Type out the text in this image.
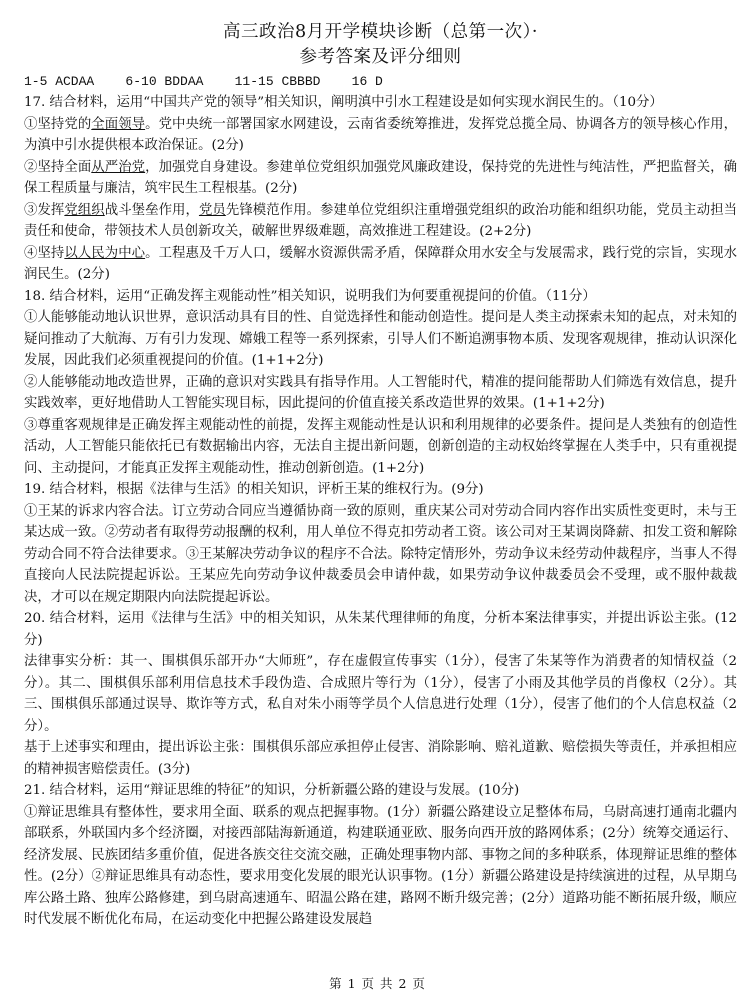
高三政治8月开学模块诊断（总第一次）·
参考答案及评分细则

1-5 ACDAA    6-10 BDDAA    11-15 CBBBD    16 D

17. 结合材料，运用“中国共产党的领导”相关知识，阐明滇中引水工程建设是如何实现水润民生的。（10分）

①坚持党的全面领导。党中央统一部署国家水网建设，云南省委统筹推进，发挥党总揽全局、协调各方的领导核心作用，为滇中引水提供根本政治保证。(2分)

②坚持全面从严治党，加强党自身建设。参建单位党组织加强党风廉政建设，保持党的先进性与纯洁性，严把监督关，确保工程质量与廉洁，筑牢民生工程根基。(2分)

③发挥党组织战斗堡垒作用，党员先锋模范作用。参建单位党组织注重增强党组织的政治功能和组织功能，党员主动担当责任和使命，带领技术人员创新攻关，破解世界级难题，高效推进工程建设。(2+2分)

④坚持以人民为中心。工程惠及千万人口，缓解水资源供需矛盾，保障群众用水安全与发展需求，践行党的宗旨，实现水润民生。(2分)

18. 结合材料，运用“正确发挥主观能动性”相关知识，说明我们为何要重视提问的价值。（11分）

①人能够能动地认识世界，意识活动具有目的性、自觉选择性和能动创造性。提问是人类主动探索未知的起点，对未知的疑问推动了大航海、万有引力发现、嫦娥工程等一系列探索，引导人们不断追溯事物本质、发现客观规律，推动认识深化发展，因此我们必须重视提问的价值。(1+1+2分)

②人能够能动地改造世界，正确的意识对实践具有指导作用。人工智能时代，精准的提问能帮助人们筛选有效信息，提升实践效率，更好地借助人工智能实现目标，因此提问的价值直接关系改造世界的效果。(1+1+2分)

③尊重客观规律是正确发挥主观能动性的前提，发挥主观能动性是认识和利用规律的必要条件。提问是人类独有的创造性活动，人工智能只能依托已有数据输出内容，无法自主提出新问题，创新创造的主动权始终掌握在人类手中，只有重视提问、主动提问，才能真正发挥主观能动性，推动创新创造。(1+2分)

19. 结合材料，根据《法律与生活》的相关知识，评析王某的维权行为。(9分)

①王某的诉求内容合法。订立劳动合同应当遵循协商一致的原则，重庆某公司对劳动合同内容作出实质性变更时，未与王某达成一致。②劳动者有取得劳动报酬的权利，用人单位不得克扣劳动者工资。该公司对王某调岗降薪、扣发工资和解除劳动合同不符合法律要求。③王某解决劳动争议的程序不合法。除特定情形外，劳动争议未经劳动仲裁程序，当事人不得直接向人民法院提起诉讼。王某应先向劳动争议仲裁委员会申请仲裁，如果劳动争议仲裁委员会不受理，或不服仲裁裁决，才可以在规定期限内向法院提起诉讼。

20. 结合材料，运用《法律与生活》中的相关知识，从朱某代理律师的角度，分析本案法律事实，并提出诉讼主张。(12分)

法律事实分析：其一、围棋俱乐部开办“大师班”，存在虚假宣传事实（1分），侵害了朱某等作为消费者的知情权益（2分）。其二、围棋俱乐部利用信息技术手段伪造、合成照片等行为（1分），侵害了小雨及其他学员的肖像权（2分）。其三、围棋俱乐部通过误导、欺诈等方式，私自对朱小雨等学员个人信息进行处理（1分），侵害了他们的个人信息权益（2分）。

基于上述事实和理由，提出诉讼主张：围棋俱乐部应承担停止侵害、消除影响、赔礼道歉、赔偿损失等责任，并承担相应的精神损害赔偿责任。(3分)

21. 结合材料，运用“辩证思维的特征”的知识，分析新疆公路的建设与发展。(10分)

①辩证思维具有整体性，要求用全面、联系的观点把握事物。(1分）新疆公路建设立足整体布局，乌尉高速打通南北疆内部联系，外联国内多个经济圈，对接西部陆海新通道，构建联通亚欧、服务向西开放的路网体系；(2分）统筹交通运行、经济发展、民族团结多重价值，促进各族交往交流交融，正确处理事物内部、事物之间的多种联系，体现辩证思维的整体性。(2分）②辩证思维具有动态性，要求用变化发展的眼光认识事物。(1分）新疆公路建设是持续演进的过程，从早期乌库公路土路、独库公路修建，到乌尉高速通车、昭温公路在建，路网不断升级完善；(2分）道路功能不断拓展升级，顺应时代发展不断优化布局，在运动变化中把握公路建设发展趋

第 1 页 共 2 页
